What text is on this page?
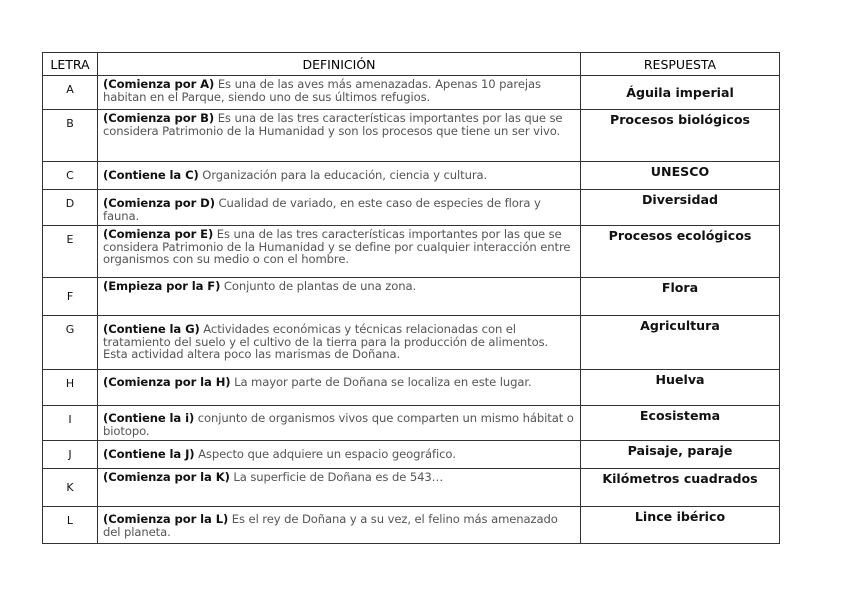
LETRA	DEFINICIÓN	RESPUESTA
A	(Comienza por A) Es una de las aves más amenazadas. Apenas 10 parejas habitan en el Parque, siendo uno de sus últimos refugios.	Águila imperial
B	(Comienza por B) Es una de las tres características importantes por las que se considera Patrimonio de la Humanidad y son los procesos que tiene un ser vivo.	Procesos biológicos
C	(Contiene la C) Organización para la educación, ciencia y cultura.	UNESCO
D	(Comienza por D) Cualidad de variado, en este caso de especies de flora y fauna.	Diversidad
E	(Comienza por E) Es una de las tres características importantes por las que se considera Patrimonio de la Humanidad y se define por cualquier interacción entre organismos con su medio o con el hombre.	Procesos ecológicos
F	(Empieza por la F) Conjunto de plantas de una zona.	Flora
G	(Contiene la G) Actividades económicas y técnicas relacionadas con el tratamiento del suelo y el cultivo de la tierra para la producción de alimentos. Esta actividad altera poco las marismas de Doñana.	Agricultura
H	(Comienza por la H) La mayor parte de Doñana se localiza en este lugar.	Huelva
I	(Contiene la i) conjunto de organismos vivos que comparten un mismo hábitat o biotopo.	Ecosistema
J	(Contiene la J) Aspecto que adquiere un espacio geográfico.	Paisaje, paraje
K	(Comienza por la K) La superficie de Doñana es de 543…	Kilómetros cuadrados
L	(Comienza por la L) Es el rey de Doñana y a su vez, el felino más amenazado del planeta.	Lince ibérico
